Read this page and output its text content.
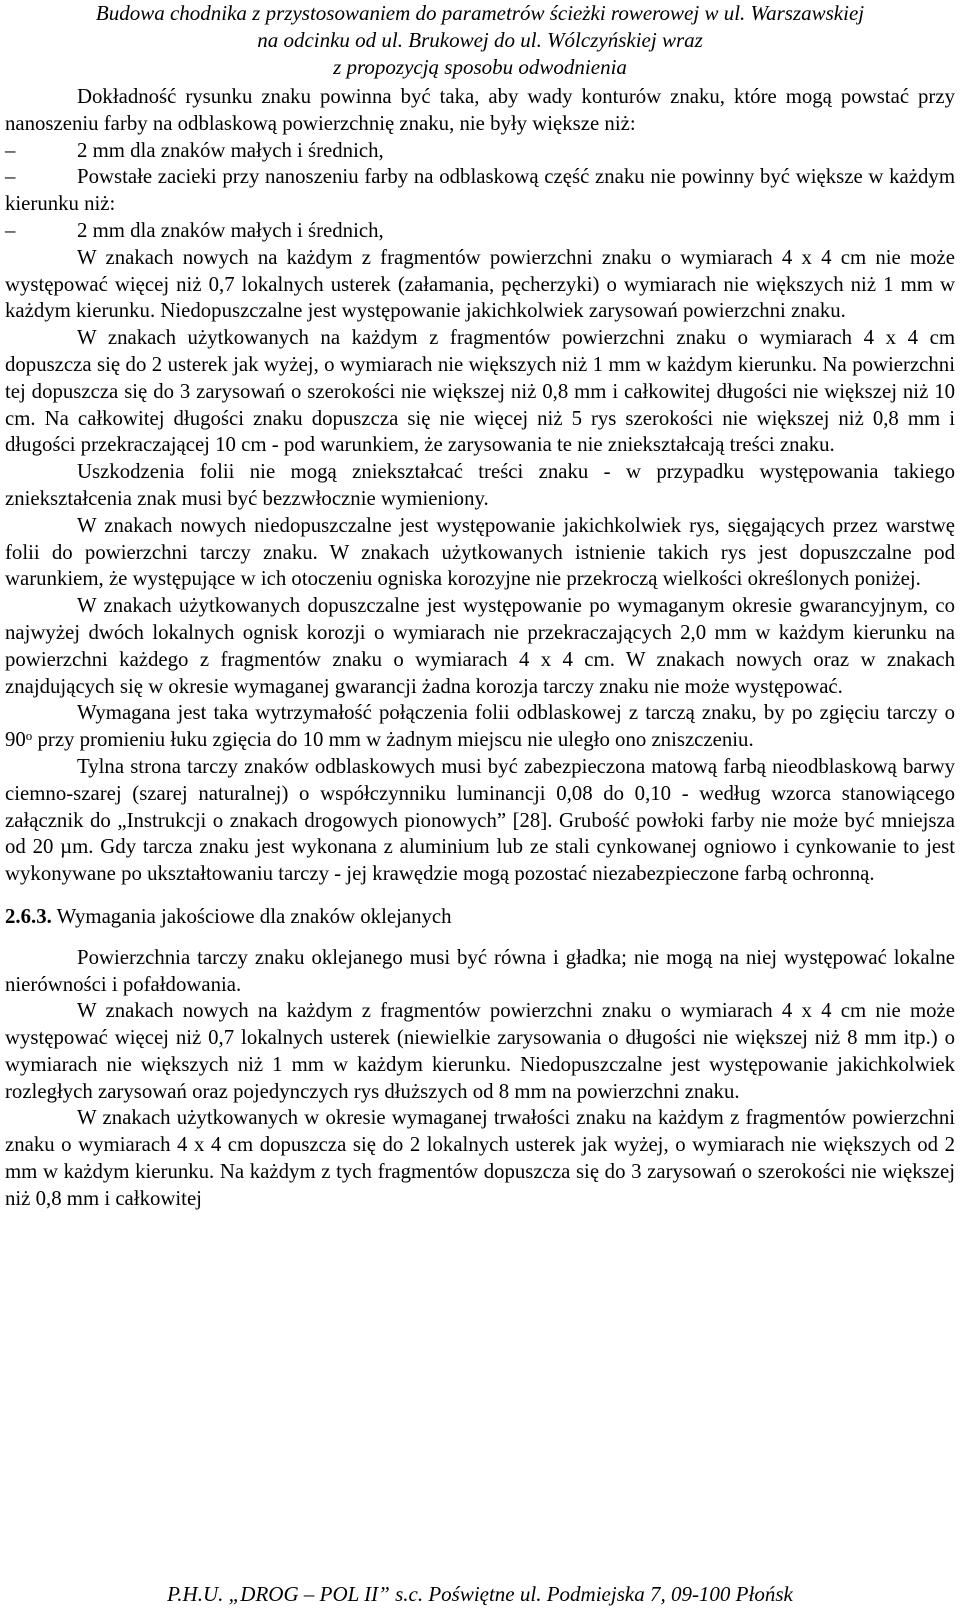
Budowa chodnika z przystosowaniem do parametrów ścieżki rowerowej w ul. Warszawskiej
na odcinku od ul. Brukowej do ul. Wólczyńskiej wraz
z propozycją sposobu odwodnienia

Dokładność rysunku znaku powinna być taka, aby wady konturów znaku, które mogą powstać przy nanoszeniu farby na odblaskową powierzchnię znaku, nie były większe niż:

–	2 mm dla znaków małych i średnich,

–	Powstałe zacieki przy nanoszeniu farby na odblaskową część znaku nie powinny być większe w każdym kierunku niż:

–	2 mm dla znaków małych i średnich,

W znakach nowych na każdym z fragmentów powierzchni znaku o wymiarach 4 x 4 cm nie może występować więcej niż 0,7 lokalnych usterek (załamania, pęcherzyki) o wymiarach nie większych niż 1 mm w każdym kierunku. Niedopuszczalne jest występowanie jakichkolwiek zarysowań powierzchni znaku.

W znakach użytkowanych na każdym z fragmentów powierzchni znaku o wymiarach 4 x 4 cm dopuszcza się do 2 usterek jak wyżej, o wymiarach nie większych niż 1 mm w każdym kierunku. Na powierzchni tej dopuszcza się do 3 zarysowań o szerokości nie większej niż 0,8 mm i całkowitej długości nie większej niż 10 cm. Na całkowitej długości znaku dopuszcza się nie więcej niż 5 rys szerokości nie większej niż 0,8 mm i długości przekraczającej 10 cm - pod warunkiem, że zarysowania te nie zniekształcają treści znaku.

Uszkodzenia folii nie mogą zniekształcać treści znaku - w przypadku występowania takiego zniekształcenia znak musi być bezzwłocznie wymieniony.

W znakach nowych niedopuszczalne jest występowanie jakichkolwiek rys, sięgających przez warstwę folii do powierzchni tarczy znaku. W znakach użytkowanych istnienie takich rys jest dopuszczalne pod warunkiem, że występujące w ich otoczeniu ogniska korozyjne nie przekroczą wielkości określonych poniżej.

W znakach użytkowanych dopuszczalne jest występowanie po wymaganym okresie gwarancyjnym, co najwyżej dwóch lokalnych ognisk korozji o wymiarach nie przekraczających 2,0 mm w każdym kierunku na powierzchni każdego z fragmentów znaku o wymiarach 4 x 4 cm. W znakach nowych oraz w znakach znajdujących się w okresie wymaganej gwarancji żadna korozja tarczy znaku nie może występować.

Wymagana jest taka wytrzymałość połączenia folii odblaskowej z tarczą znaku, by po zgięciu tarczy o 90$^o$ przy promieniu łuku zgięcia do 10 mm w żadnym miejscu nie uległo ono zniszczeniu.

Tylna strona tarczy znaków odblaskowych musi być zabezpieczona matową farbą nieodblaskową barwy ciemno-szarej (szarej naturalnej) o współczynniku luminancji 0,08 do 0,10 - według wzorca stanowiącego załącznik do „Instrukcji o znakach drogowych pionowych” [28]. Grubość powłoki farby nie może być mniejsza od 20 µm. Gdy tarcza znaku jest wykonana z aluminium lub ze stali cynkowanej ogniowo i cynkowanie to jest wykonywane po ukształtowaniu tarczy - jej krawędzie mogą pozostać niezabezpieczone farbą ochronną.

2.6.3. Wymagania jakościowe dla znaków oklejanych

Powierzchnia tarczy znaku oklejanego musi być równa i gładka; nie mogą na niej występować lokalne nierówności i pofałdowania.

W znakach nowych na każdym z fragmentów powierzchni znaku o wymiarach 4 x 4 cm nie może występować więcej niż 0,7 lokalnych usterek (niewielkie zarysowania o długości nie większej niż 8 mm itp.) o wymiarach nie większych niż 1 mm w każdym kierunku. Niedopuszczalne jest występowanie jakichkolwiek rozległych zarysowań oraz pojedynczych rys dłuższych od 8 mm na powierzchni znaku.

W znakach użytkowanych w okresie wymaganej trwałości znaku na każdym z fragmentów powierzchni znaku o wymiarach 4 x 4 cm dopuszcza się do 2 lokalnych usterek jak wyżej, o wymiarach nie większych od 2 mm w każdym kierunku. Na każdym z tych fragmentów dopuszcza się do 3 zarysowań o szerokości nie większej niż 0,8 mm i całkowitej

P.H.U. „DROG – POL II” s.c. Poświętne ul. Podmiejska 7, 09-100 Płońsk
